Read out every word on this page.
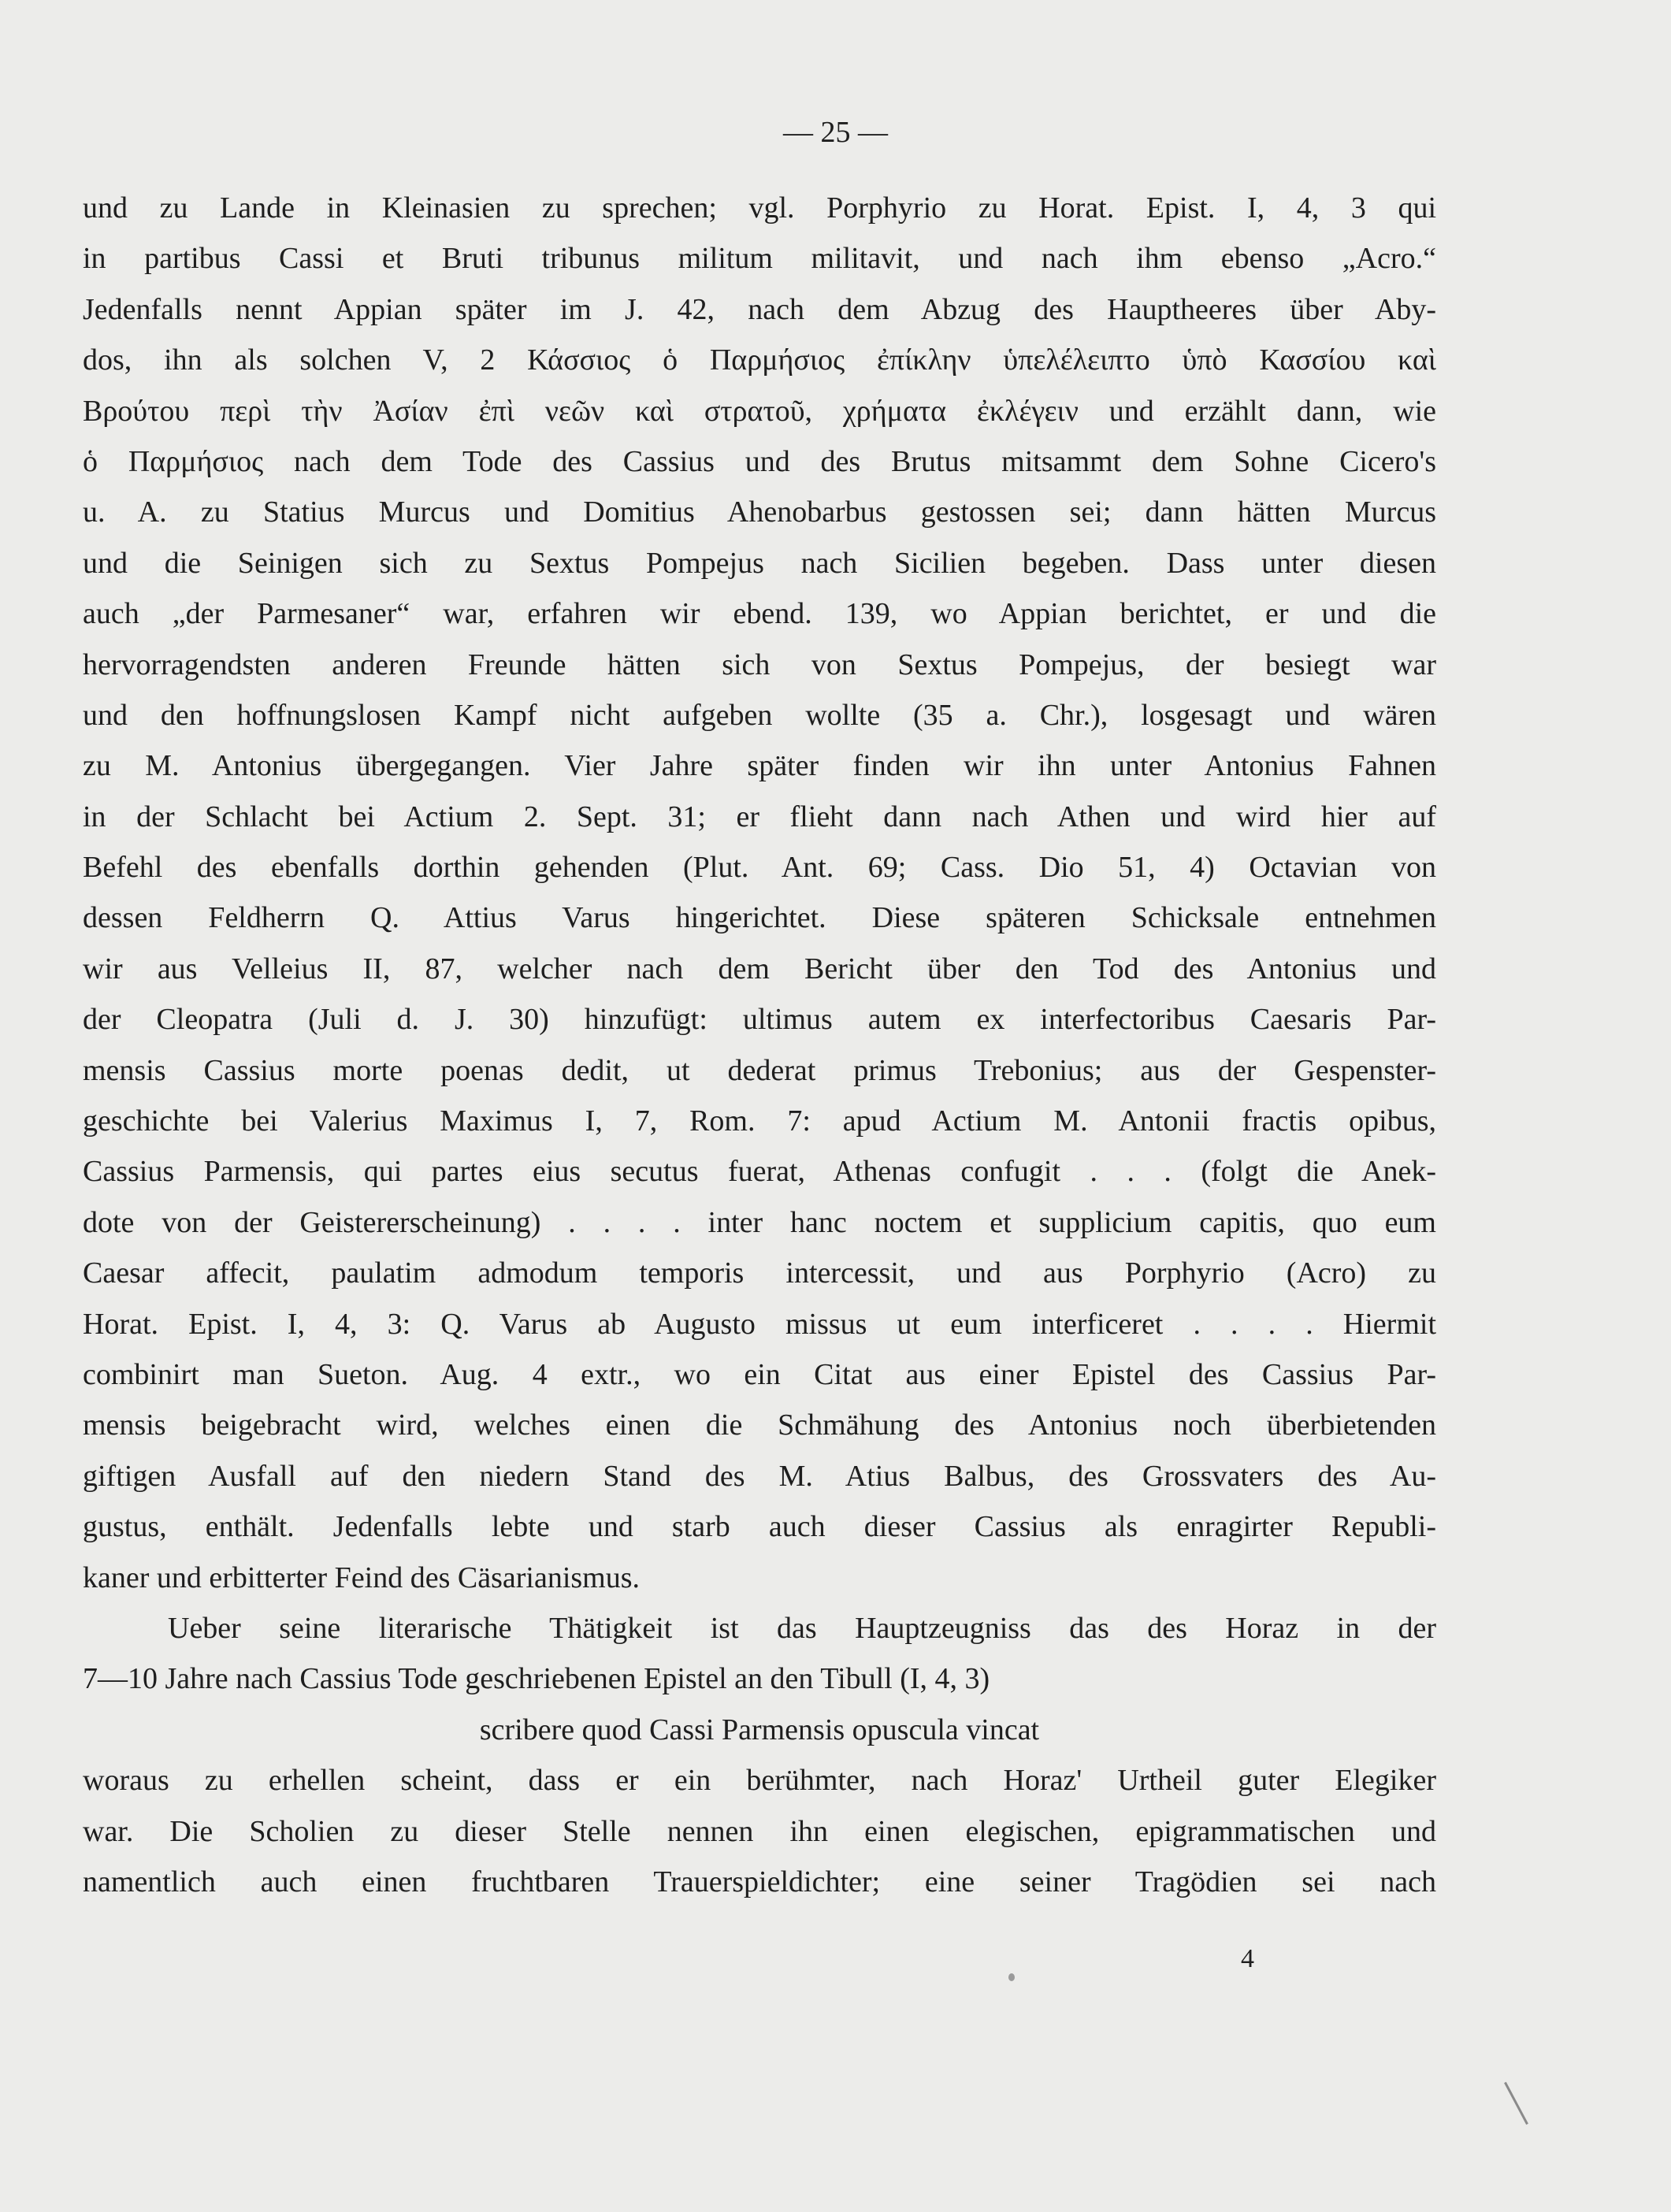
— 25 —
und zu Lande in Kleinasien zu sprechen; vgl. Porphyrio zu Horat. Epist. I, 4, 3 qui
in partibus Cassi et Bruti tribunus militum militavit, und nach ihm ebenso „Acro.“
Jedenfalls nennt Appian später im J. 42, nach dem Abzug des Hauptheeres über Aby-
dos, ihn als solchen V, 2 Κάσσιος ὁ Παρμήσιος ἐπίκλην ὑπελέλειπτο ὑπὸ Κασσίου καὶ
Βρούτου περὶ τὴν Ἀσίαν ἐπὶ νεῶν καὶ στρατοῦ, χρήματα ἐκλέγειν und erzählt dann, wie
ὁ Παρμήσιος nach dem Tode des Cassius und des Brutus mitsammt dem Sohne Cicero's
u. A. zu Statius Murcus und Domitius Ahenobarbus gestossen sei; dann hätten Murcus
und die Seinigen sich zu Sextus Pompejus nach Sicilien begeben. Dass unter diesen
auch „der Parmesaner“ war, erfahren wir ebend. 139, wo Appian berichtet, er und die
hervorragendsten anderen Freunde hätten sich von Sextus Pompejus, der besiegt war
und den hoffnungslosen Kampf nicht aufgeben wollte (35 a. Chr.), losgesagt und wären
zu M. Antonius übergegangen. Vier Jahre später finden wir ihn unter Antonius Fahnen
in der Schlacht bei Actium 2. Sept. 31; er flieht dann nach Athen und wird hier auf
Befehl des ebenfalls dorthin gehenden (Plut. Ant. 69; Cass. Dio 51, 4) Octavian von
dessen Feldherrn Q. Attius Varus hingerichtet. Diese späteren Schicksale entnehmen
wir aus Velleius II, 87, welcher nach dem Bericht über den Tod des Antonius und
der Cleopatra (Juli d. J. 30) hinzufügt: ultimus autem ex interfectoribus Caesaris Par-
mensis Cassius morte poenas dedit, ut dederat primus Trebonius; aus der Gespenster-
geschichte bei Valerius Maximus I, 7, Rom. 7: apud Actium M. Antonii fractis opibus,
Cassius Parmensis, qui partes eius secutus fuerat, Athenas confugit . . . (folgt die Anek-
dote von der Geistererscheinung) . . . . inter hanc noctem et supplicium capitis, quo eum
Caesar affecit, paulatim admodum temporis intercessit, und aus Porphyrio (Acro) zu
Horat. Epist. I, 4, 3: Q. Varus ab Augusto missus ut eum interficeret . . . . Hiermit
combinirt man Sueton. Aug. 4 extr., wo ein Citat aus einer Epistel des Cassius Par-
mensis beigebracht wird, welches einen die Schmähung des Antonius noch überbietenden
giftigen Ausfall auf den niedern Stand des M. Atius Balbus, des Grossvaters des Au-
gustus, enthält. Jedenfalls lebte und starb auch dieser Cassius als enragirter Republi-
kaner und erbitterter Feind des Cäsarianismus.
Ueber seine literarische Thätigkeit ist das Hauptzeugniss das des Horaz in der
7—10 Jahre nach Cassius Tode geschriebenen Epistel an den Tibull (I, 4, 3)
scribere quod Cassi Parmensis opuscula vincat
woraus zu erhellen scheint, dass er ein berühmter, nach Horaz' Urtheil guter Elegiker
war. Die Scholien zu dieser Stelle nennen ihn einen elegischen, epigrammatischen und
namentlich auch einen fruchtbaren Trauerspieldichter; eine seiner Tragödien sei nach
4
